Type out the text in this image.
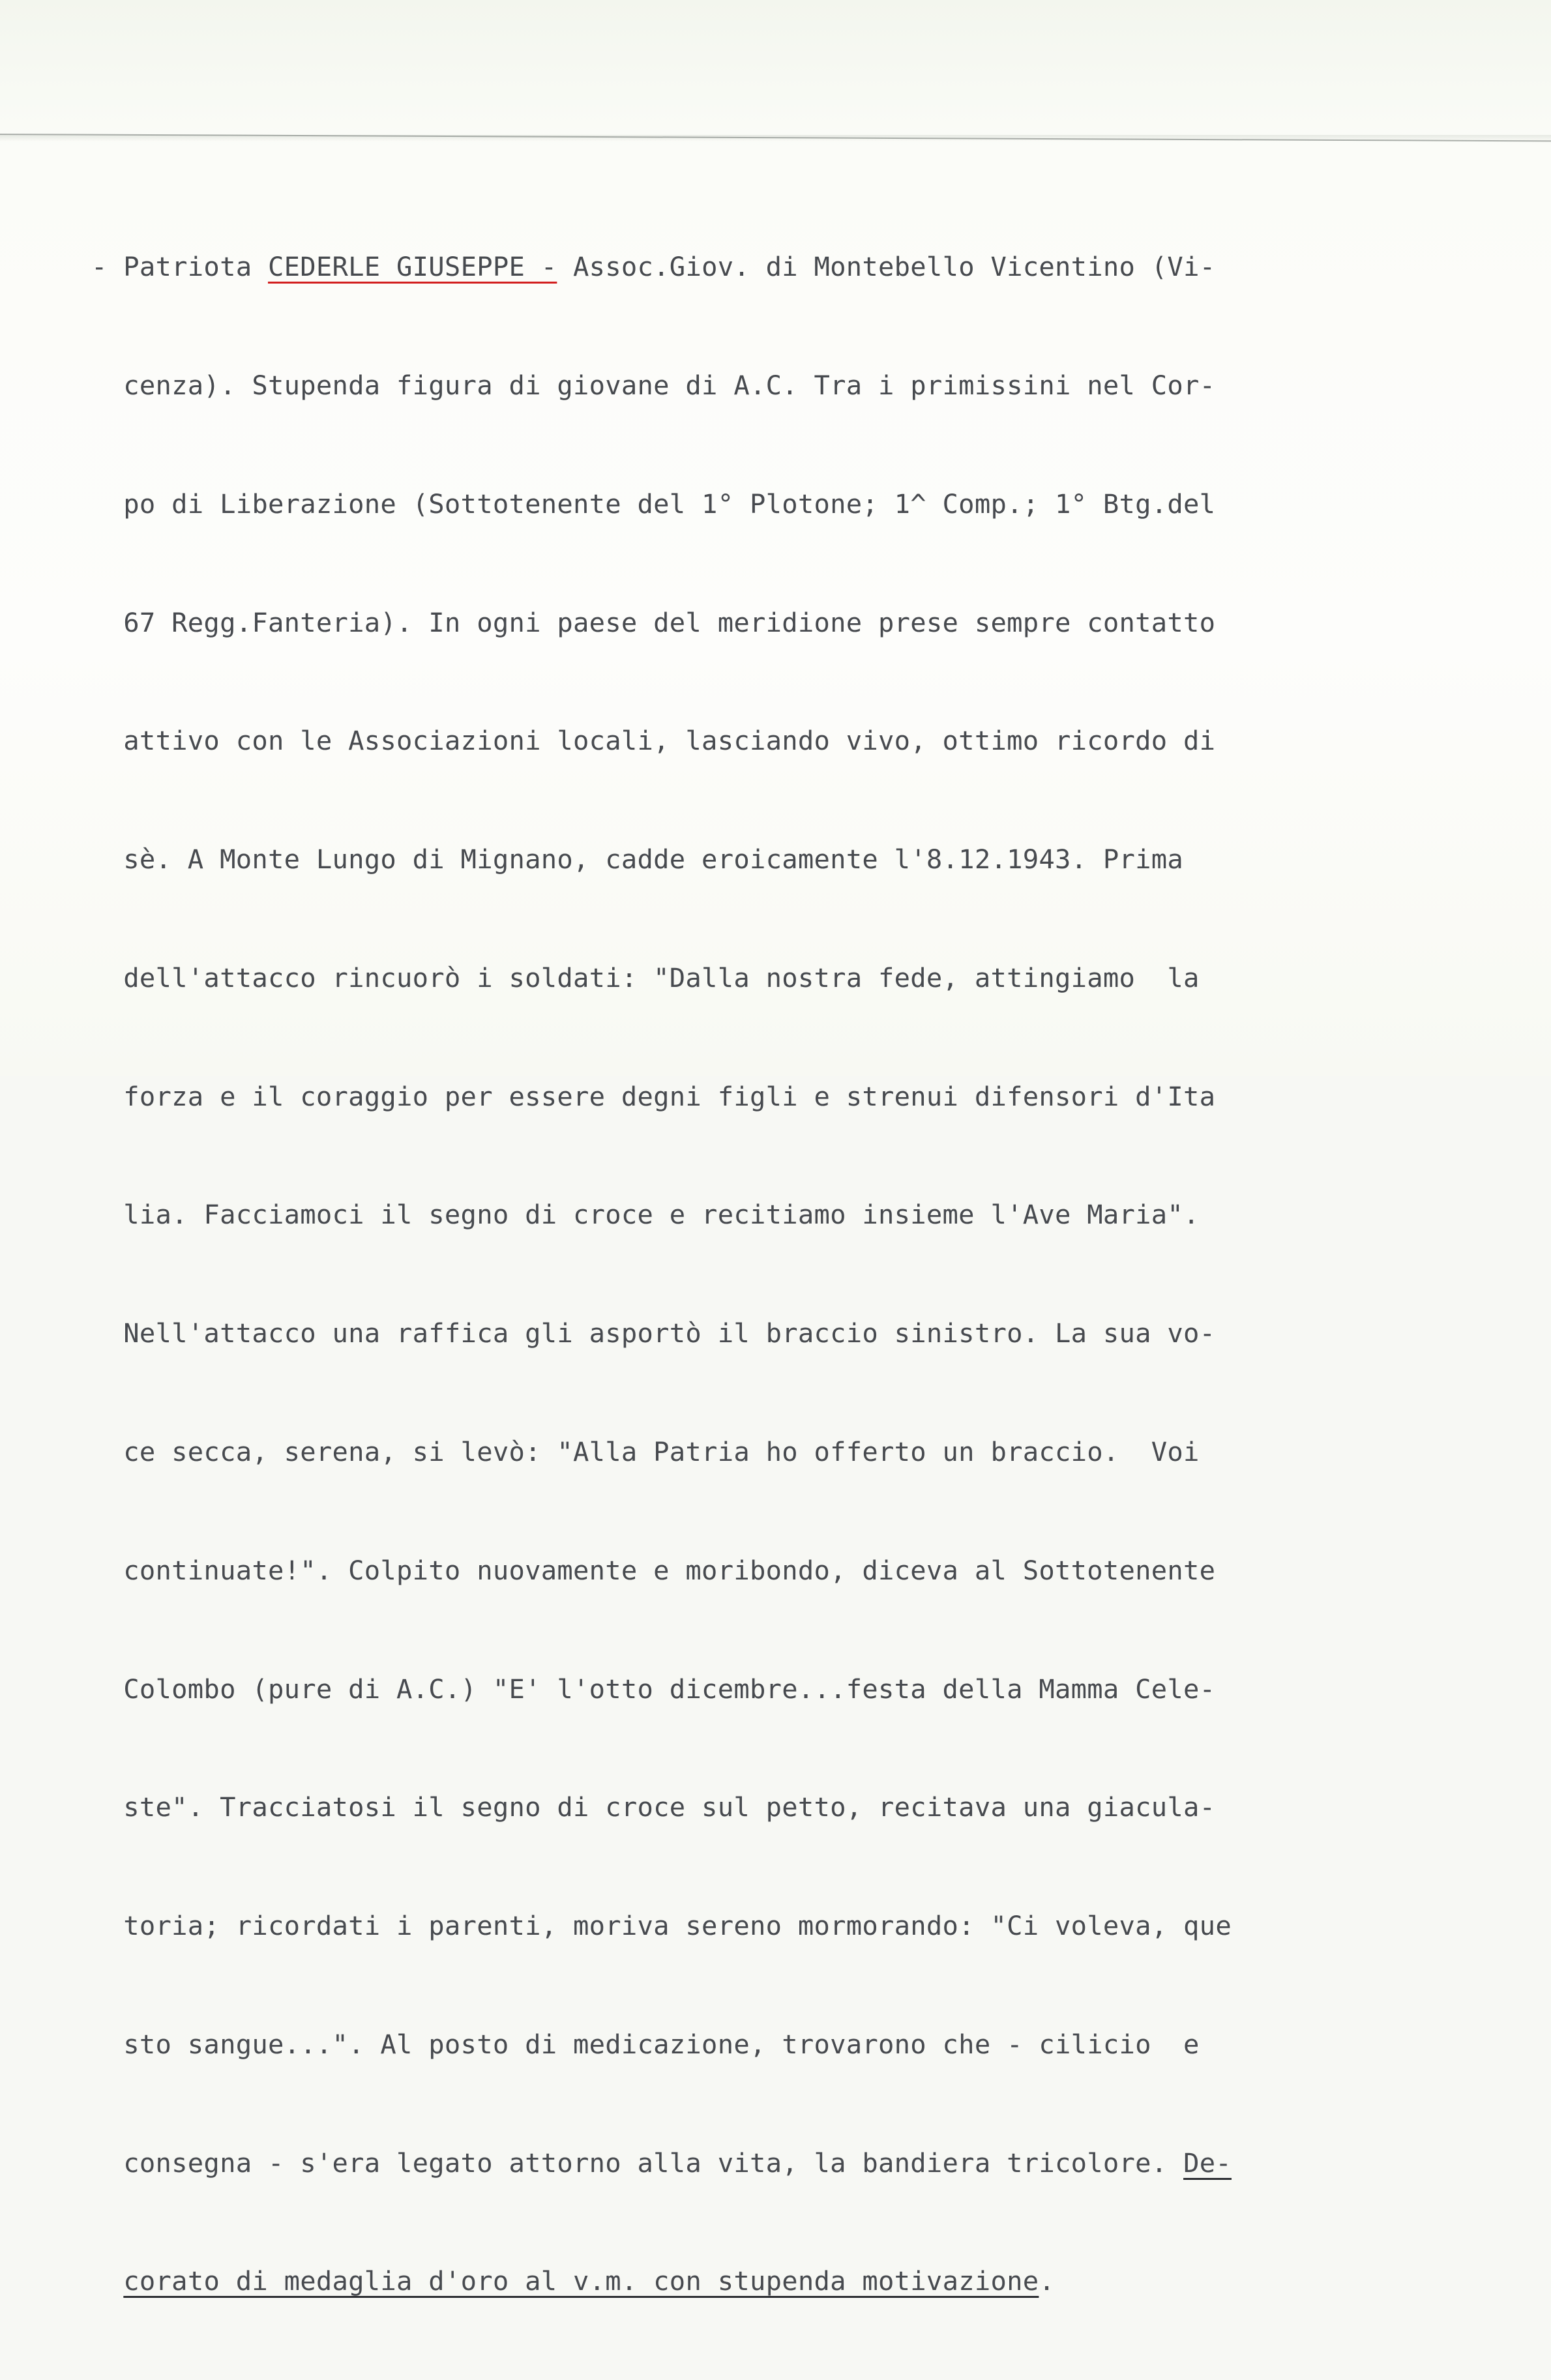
- Patriota CEDERLE GIUSEPPE - Assoc.Giov. di Montebello Vicentino (Vi-

cenza). Stupenda figura di giovane di A.C. Tra i primissini nel Cor-

po di Liberazione (Sottotenente del 1° Plotone; 1^ Comp.; 1° Btg.del

67 Regg.Fanteria). In ogni paese del meridione prese sempre contatto

attivo con le Associazioni locali, lasciando vivo, ottimo ricordo di

sè. A Monte Lungo di Mignano, cadde eroicamente l'8.12.1943. Prima

dell'attacco rincuorò i soldati: "Dalla nostra fede, attingiamo  la

forza e il coraggio per essere degni figli e strenui difensori d'Ita

lia. Facciamoci il segno di croce e recitiamo insieme l'Ave Maria".

Nell'attacco una raffica gli asportò il braccio sinistro. La sua vo-

ce secca, serena, si levò: "Alla Patria ho offerto un braccio.  Voi

continuate!". Colpito nuovamente e moribondo, diceva al Sottotenente

Colombo (pure di A.C.) "E' l'otto dicembre...festa della Mamma Cele-

ste". Tracciatosi il segno di croce sul petto, recitava una giacula-

toria; ricordati i parenti, moriva sereno mormorando: "Ci voleva, que

sto sangue...". Al posto di medicazione, trovarono che - cilicio  e

consegna - s'era legato attorno alla vita, la bandiera tricolore. De-

corato di medaglia d'oro al v.m. con stupenda motivazione.
